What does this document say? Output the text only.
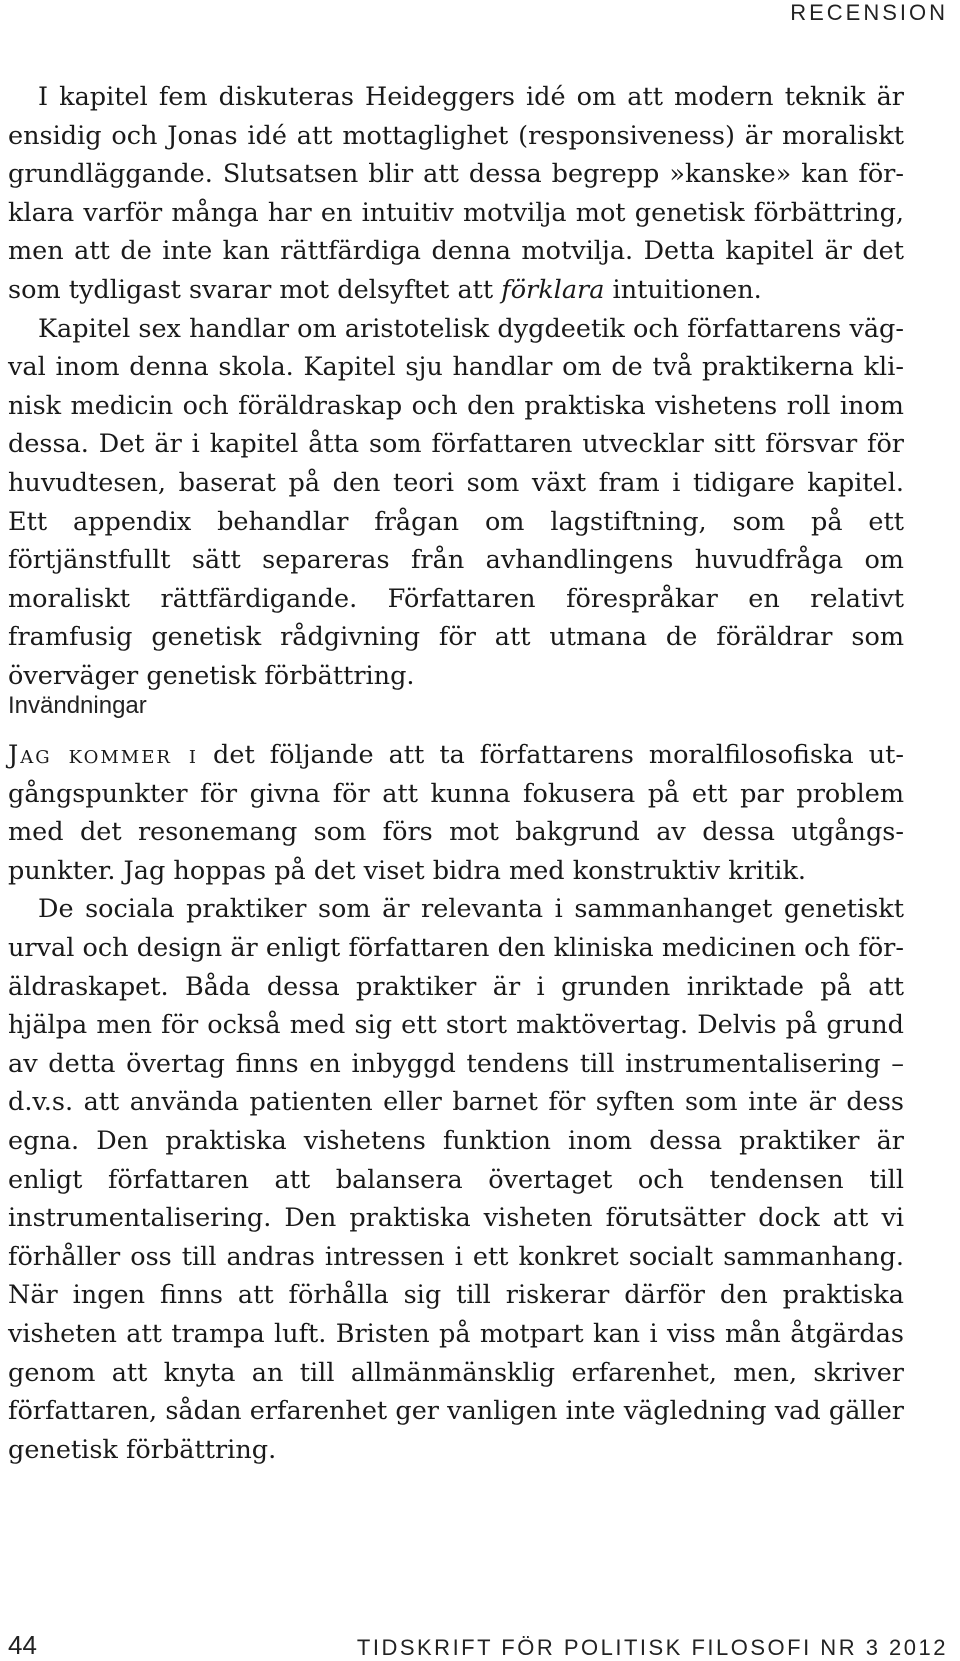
RECENSION

I kapitel fem diskuteras Heideggers idé om att modern teknik är ensidig och Jonas idé att mottaglighet (responsiveness) är moraliskt grundläggande. Slutsatsen blir att dessa begrepp »kanske» kan förklara varför många har en intuitiv motvilja mot genetisk förbättring, men att de inte kan rättfärdiga denna motvilja. Detta kapitel är det som tydligast svarar mot delsyftet att förklara intuitionen.

Kapitel sex handlar om aristotelisk dygdeetik och författarens vägval inom denna skola. Kapitel sju handlar om de två praktikerna klinisk medicin och föräldraskap och den praktiska vishetens roll inom dessa. Det är i kapitel åtta som författaren utvecklar sitt försvar för huvudtesen, baserat på den teori som växt fram i tidigare kapitel. Ett appendix behandlar frågan om lagstiftning, som på ett förtjänstfullt sätt separeras från avhandlingens huvudfråga om moraliskt rättfärdigande. Författaren förespråkar en relativt framfusig genetisk rådgivning för att utmana de föräldrar som överväger genetisk förbättring.

Invändningar

Jag kommer i det följande att ta författarens moralfilosofiska utgångspunkter för givna för att kunna fokusera på ett par problem med det resonemang som förs mot bakgrund av dessa utgångspunkter. Jag hoppas på det viset bidra med konstruktiv kritik.

De sociala praktiker som är relevanta i sammanhanget genetiskt urval och design är enligt författaren den kliniska medicinen och föräldraskapet. Båda dessa praktiker är i grunden inriktade på att hjälpa men för också med sig ett stort maktövertag. Delvis på grund av detta övertag finns en inbyggd tendens till instrumentalisering – d.v.s. att använda patienten eller barnet för syften som inte är dess egna. Den praktiska vishetens funktion inom dessa praktiker är enligt författaren att balansera övertaget och tendensen till instrumentalisering. Den praktiska visheten förutsätter dock att vi förhåller oss till andras intressen i ett konkret socialt sammanhang. När ingen finns att förhålla sig till riskerar därför den praktiska visheten att trampa luft. Bristen på motpart kan i viss mån åtgärdas genom att knyta an till allmänmänsklig erfarenhet, men, skriver författaren, sådan erfarenhet ger vanligen inte vägledning vad gäller genetisk förbättring.

44	TIDSKRIFT FÖR POLITISK FILOSOFI NR 3 2012
